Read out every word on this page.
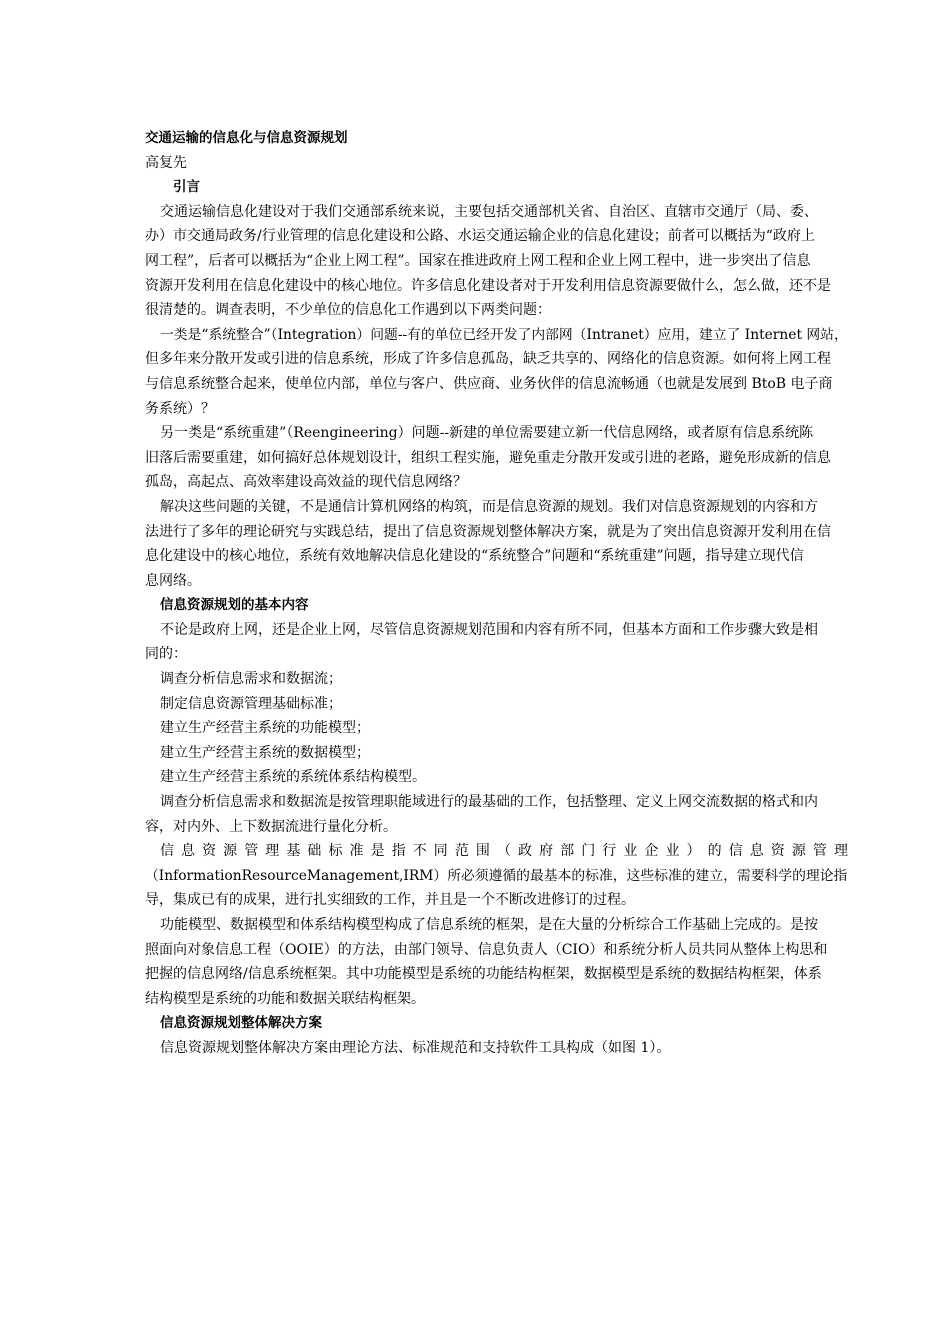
交通运输的信息化与信息资源规划
高复先
引言
交通运输信息化建设对于我们交通部系统来说，主要包括交通部机关省、自治区、直辖市交通厅（局、委、
办）市交通局政务/行业管理的信息化建设和公路、水运交通运输企业的信息化建设；前者可以概括为“政府上
网工程”，后者可以概括为“企业上网工程”。国家在推进政府上网工程和企业上网工程中，进一步突出了信息
资源开发利用在信息化建设中的核心地位。许多信息化建设者对于开发利用信息资源要做什么，怎么做，还不是
很清楚的。调查表明，不少单位的信息化工作遇到以下两类问题：
一类是“系统整合”（Integration）问题--有的单位已经开发了内部网（Intranet）应用，建立了 Internet 网站，
但多年来分散开发或引进的信息系统，形成了许多信息孤岛，缺乏共享的、网络化的信息资源。如何将上网工程
与信息系统整合起来，使单位内部，单位与客户、供应商、业务伙伴的信息流畅通（也就是发展到 BtoB 电子商
务系统）？
另一类是“系统重建”（Reengineering）问题--新建的单位需要建立新一代信息网络，或者原有信息系统陈
旧落后需要重建，如何搞好总体规划设计，组织工程实施，避免重走分散开发或引进的老路，避免形成新的信息
孤岛，高起点、高效率建设高效益的现代信息网络？
解决这些问题的关键，不是通信计算机网络的构筑，而是信息资源的规划。我们对信息资源规划的内容和方
法进行了多年的理论研究与实践总结，提出了信息资源规划整体解决方案，就是为了突出信息资源开发利用在信
息化建设中的核心地位，系统有效地解决信息化建设的“系统整合”问题和“系统重建”问题，指导建立现代信
息网络。
信息资源规划的基本内容
不论是政府上网，还是企业上网，尽管信息资源规划范围和内容有所不同，但基本方面和工作步骤大致是相
同的：
调查分析信息需求和数据流；
制定信息资源管理基础标准；
建立生产经营主系统的功能模型；
建立生产经营主系统的数据模型；
建立生产经营主系统的系统体系结构模型。
调查分析信息需求和数据流是按管理职能域进行的最基础的工作，包括整理、定义上网交流数据的格式和内
容，对内外、上下数据流进行量化分析。
信息资源管理基础标准是指不同范围（政府部门行业企业）的信息资源管理
（InformationResourceManagement,IRM）所必须遵循的最基本的标准，这些标准的建立，需要科学的理论指
导，集成已有的成果，进行扎实细致的工作，并且是一个不断改进修订的过程。
功能模型、数据模型和体系结构模型构成了信息系统的框架，是在大量的分析综合工作基础上完成的。是按
照面向对象信息工程（OOIE）的方法，由部门领导、信息负责人（CIO）和系统分析人员共同从整体上构思和
把握的信息网络/信息系统框架。其中功能模型是系统的功能结构框架，数据模型是系统的数据结构框架，体系
结构模型是系统的功能和数据关联结构框架。
信息资源规划整体解决方案
信息资源规划整体解决方案由理论方法、标准规范和支持软件工具构成（如图 1）。
